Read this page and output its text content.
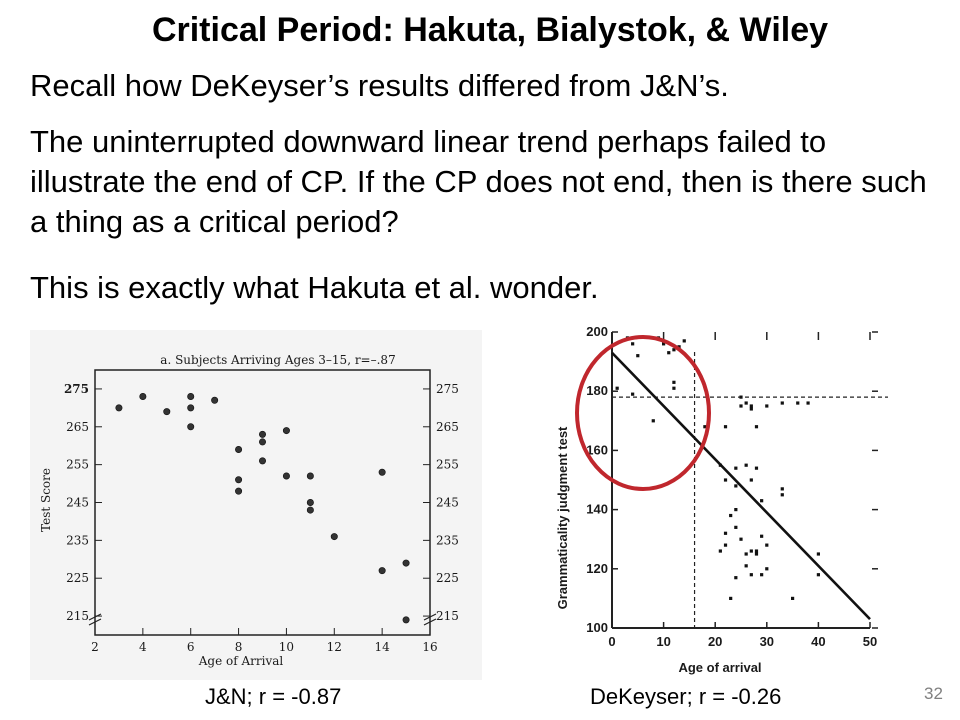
Critical Period: Hakuta, Bialystok, & Wiley
Recall how DeKeyser’s results differed from J&N’s.
The uninterrupted downward linear trend perhaps failed to illustrate the end of CP. If the CP does not end, then is there such a thing as a critical period?
This is exactly what Hakuta et al. wonder.
a. Subjects Arriving Ages 3–15, r=–.87
275
265
255
245
235
225
215
275
265
255
245
235
225
215
2	4	6	8	10	12	14	16
Age of Arrival
Test Score
200
180
160
140
120
100
0	10	20	30	40	50
Age of arrival
Grammaticality judgment test
J&N; r = -0.87	DeKeyser; r = -0.26	32
